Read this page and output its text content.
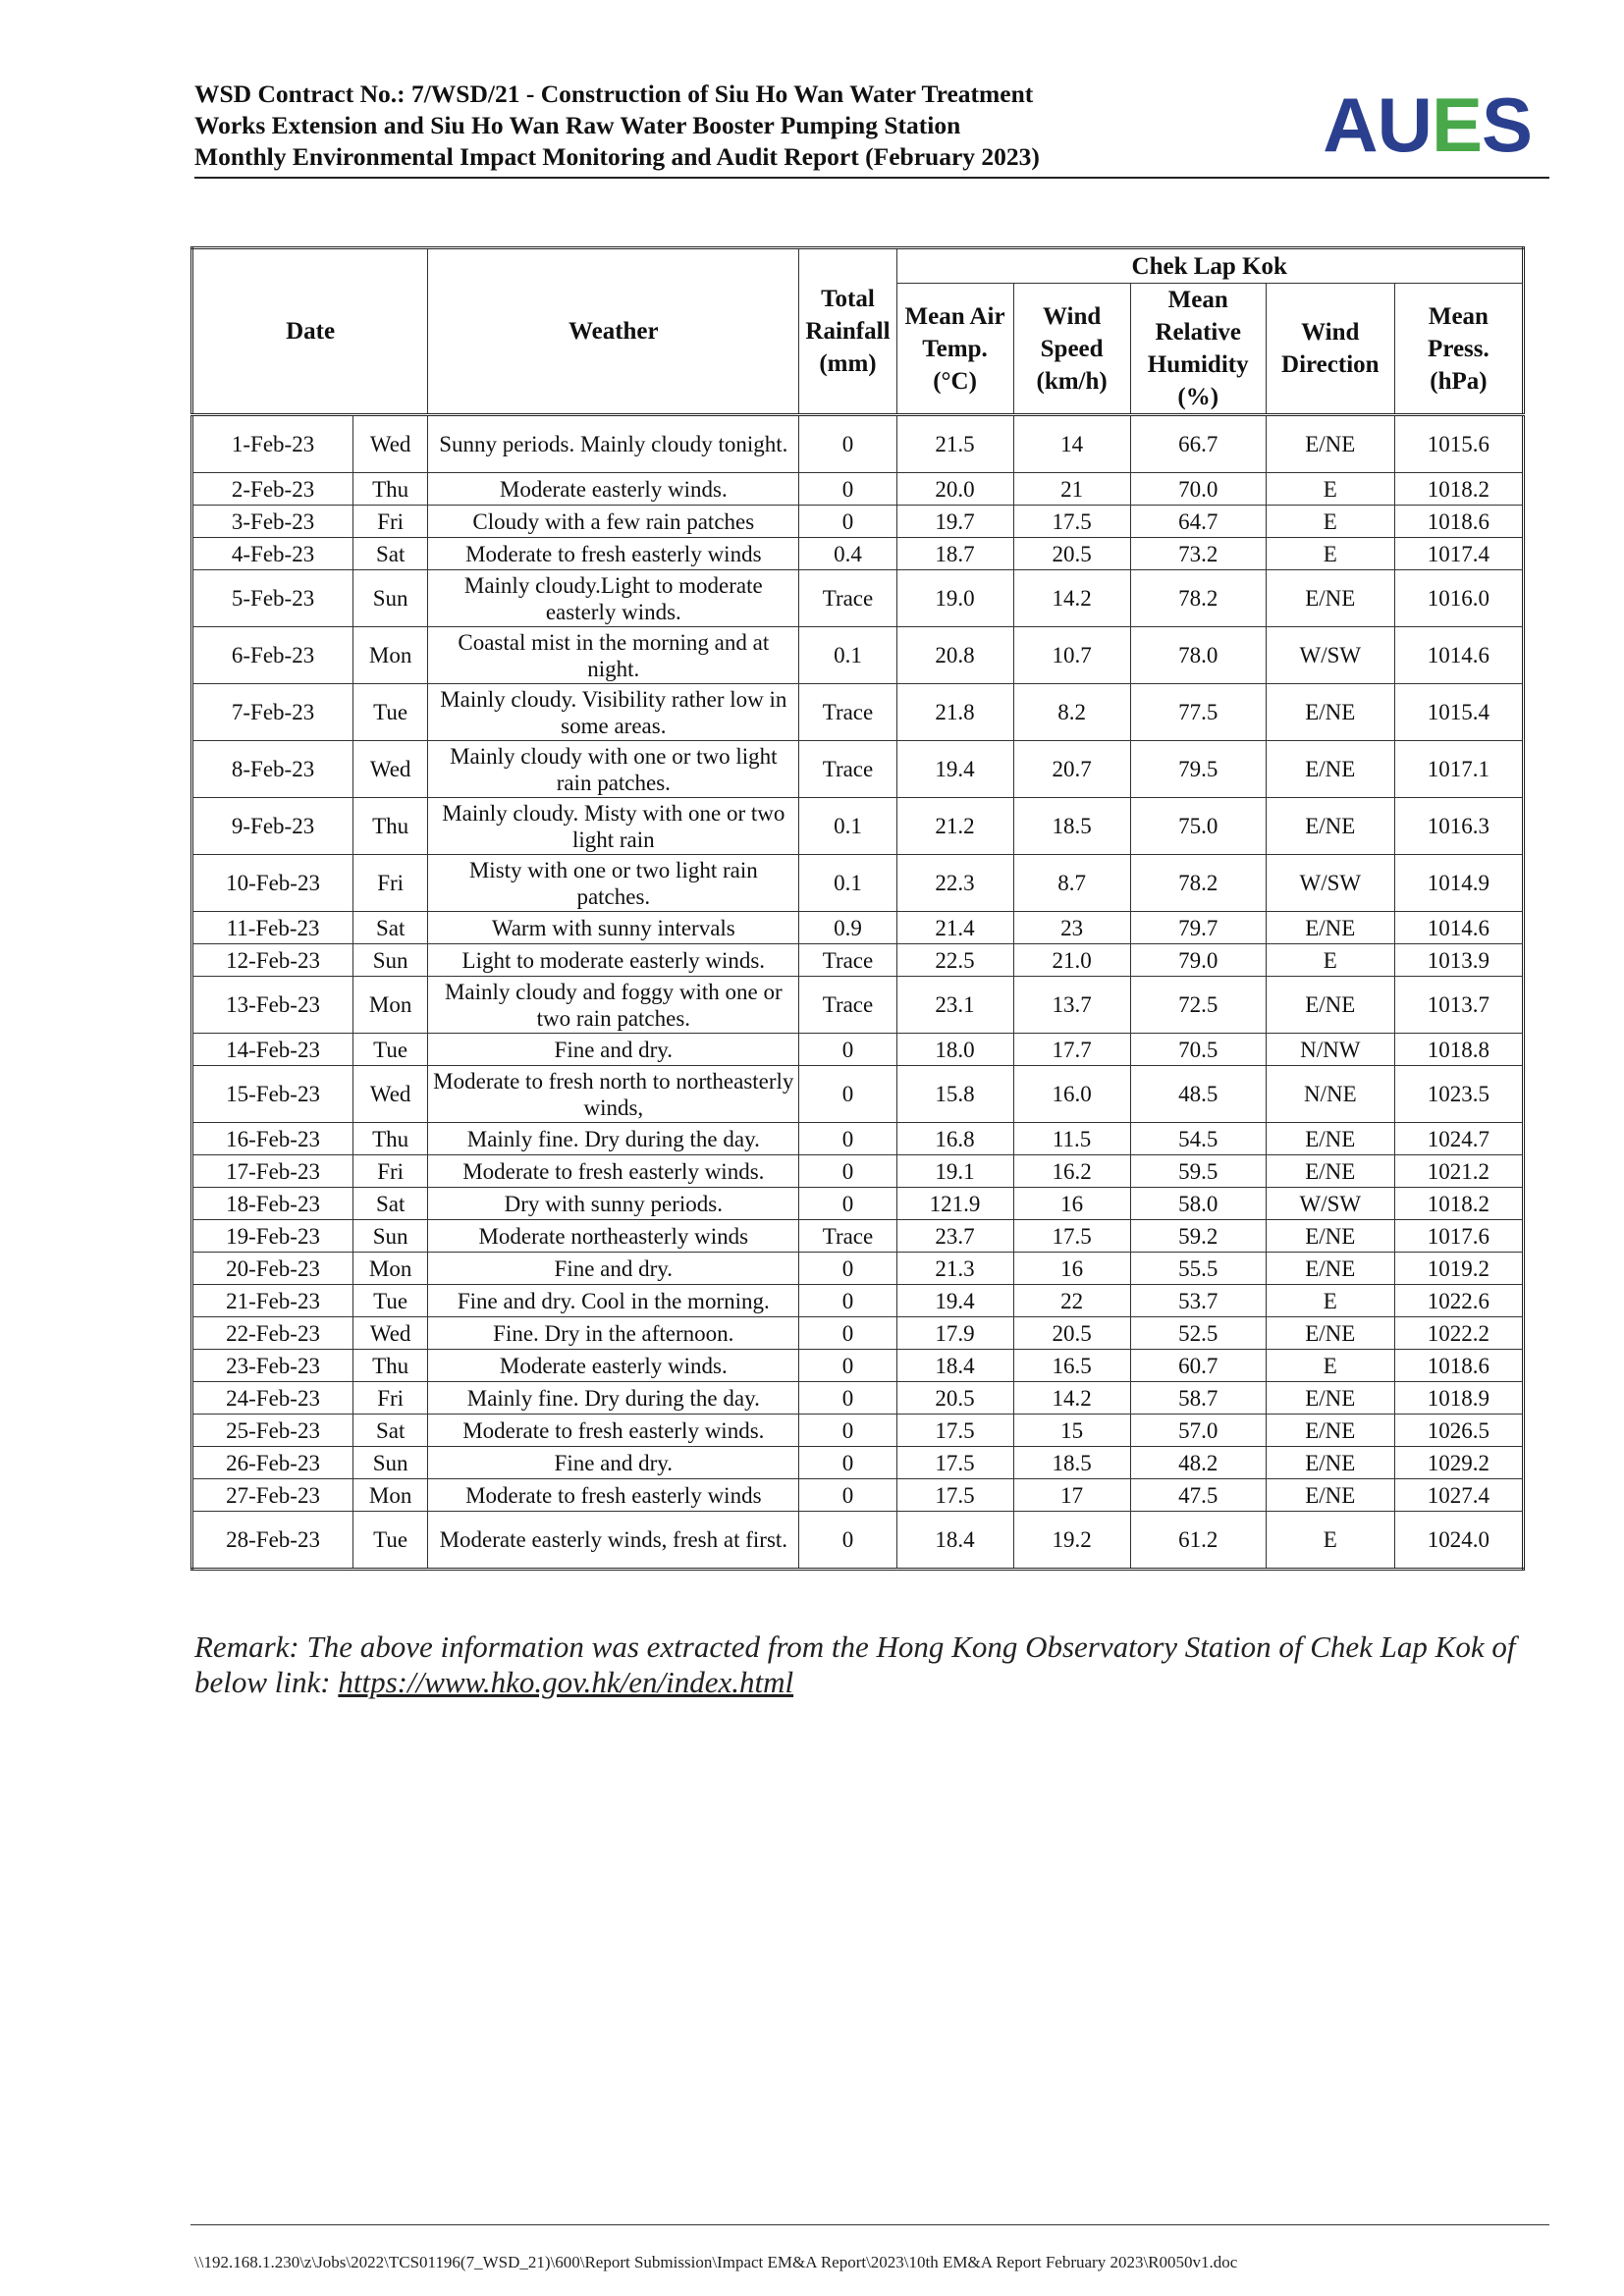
WSD Contract No.: 7/WSD/21 - Construction of Siu Ho Wan Water Treatment
Works Extension and Siu Ho Wan Raw Water Booster Pumping Station
Monthly Environmental Impact Monitoring and Audit Report (February 2023)	AUES
Date		Weather	Total Rainfall (mm)	Chek Lap Kok				
				Mean Air Temp. (°C)	Wind Speed (km/h)	Mean Relative Humidity (%)	Wind Direction	Mean Press. (hPa)
1-Feb-23	Wed	Sunny periods. Mainly cloudy tonight.	0	21.5	14	66.7	E/NE	1015.6
2-Feb-23	Thu	Moderate easterly winds.	0	20.0	21	70.0	E	1018.2
3-Feb-23	Fri	Cloudy with a few rain patches	0	19.7	17.5	64.7	E	1018.6
4-Feb-23	Sat	Moderate to fresh easterly winds	0.4	18.7	20.5	73.2	E	1017.4
5-Feb-23	Sun	Mainly cloudy.Light to moderate easterly winds.	Trace	19.0	14.2	78.2	E/NE	1016.0
6-Feb-23	Mon	Coastal mist in the morning and at night.	0.1	20.8	10.7	78.0	W/SW	1014.6
7-Feb-23	Tue	Mainly cloudy. Visibility rather low in some areas.	Trace	21.8	8.2	77.5	E/NE	1015.4
8-Feb-23	Wed	Mainly cloudy with one or two light rain patches.	Trace	19.4	20.7	79.5	E/NE	1017.1
9-Feb-23	Thu	Mainly cloudy. Misty with one or two light rain	0.1	21.2	18.5	75.0	E/NE	1016.3
10-Feb-23	Fri	Misty with one or two light rain patches.	0.1	22.3	8.7	78.2	W/SW	1014.9
11-Feb-23	Sat	Warm with sunny intervals	0.9	21.4	23	79.7	E/NE	1014.6
12-Feb-23	Sun	Light to moderate easterly winds.	Trace	22.5	21.0	79.0	E	1013.9
13-Feb-23	Mon	Mainly cloudy and foggy with one or two rain patches.	Trace	23.1	13.7	72.5	E/NE	1013.7
14-Feb-23	Tue	Fine and dry.	0	18.0	17.7	70.5	N/NW	1018.8
15-Feb-23	Wed	Moderate to fresh north to northeasterly winds,	0	15.8	16.0	48.5	N/NE	1023.5
16-Feb-23	Thu	Mainly fine. Dry during the day.	0	16.8	11.5	54.5	E/NE	1024.7
17-Feb-23	Fri	Moderate to fresh easterly winds.	0	19.1	16.2	59.5	E/NE	1021.2
18-Feb-23	Sat	Dry with sunny periods.	0	121.9	16	58.0	W/SW	1018.2
19-Feb-23	Sun	Moderate northeasterly winds	Trace	23.7	17.5	59.2	E/NE	1017.6
20-Feb-23	Mon	Fine and dry.	0	21.3	16	55.5	E/NE	1019.2
21-Feb-23	Tue	Fine and dry. Cool in the morning.	0	19.4	22	53.7	E	1022.6
22-Feb-23	Wed	Fine. Dry in the afternoon.	0	17.9	20.5	52.5	E/NE	1022.2
23-Feb-23	Thu	Moderate easterly winds.	0	18.4	16.5	60.7	E	1018.6
24-Feb-23	Fri	Mainly fine. Dry during the day.	0	20.5	14.2	58.7	E/NE	1018.9
25-Feb-23	Sat	Moderate to fresh easterly winds.	0	17.5	15	57.0	E/NE	1026.5
26-Feb-23	Sun	Fine and dry.	0	17.5	18.5	48.2	E/NE	1029.2
27-Feb-23	Mon	Moderate to fresh easterly winds	0	17.5	17	47.5	E/NE	1027.4
28-Feb-23	Tue	Moderate easterly winds, fresh at first.	0	18.4	19.2	61.2	E	1024.0
Remark: The above information was extracted from the Hong Kong Observatory Station of Chek Lap Kok of below link: https://www.hko.gov.hk/en/index.html
\\192.168.1.230\z\Jobs\2022\TCS01196(7_WSD_21)\600\Report Submission\Impact EM&A Report\2023\10th EM&A Report February 2023\R0050v1.doc
